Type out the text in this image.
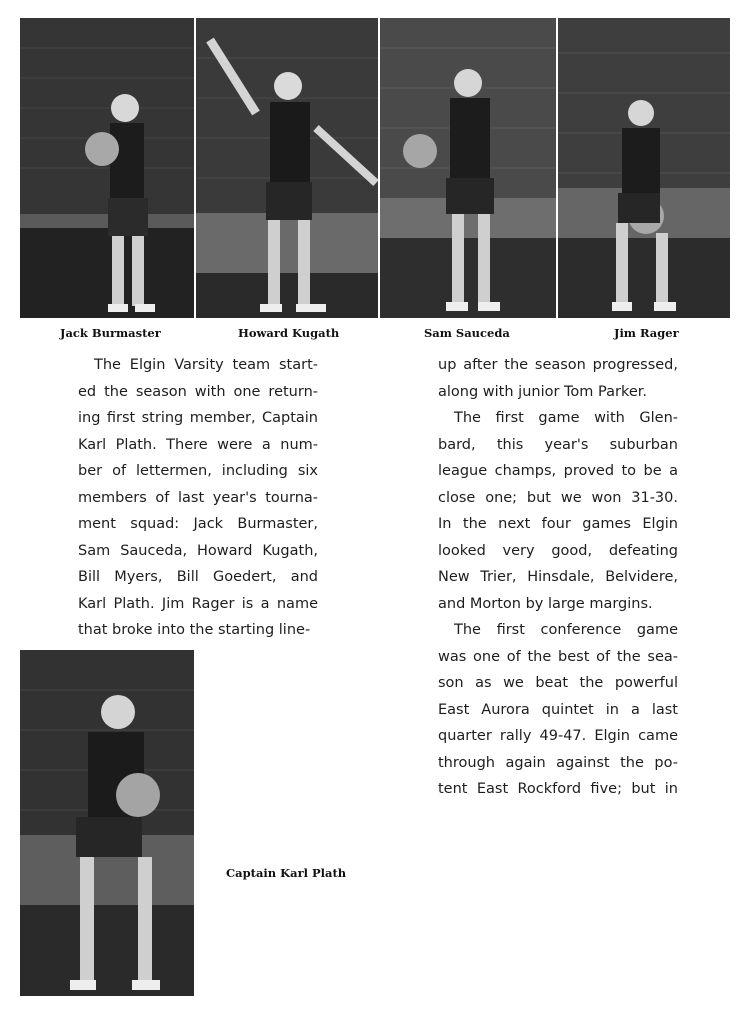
Jack Burmaster	Howard Kugath	Sam Sauceda	Jim Rager

The Elgin Varsity team start-

ed the season with one return-

ing first string member, Captain

Karl Plath. There were a num-

ber of lettermen, including six

members of last year's tourna-

ment squad: Jack Burmaster,

Sam Sauceda, Howard Kugath,

Bill Myers, Bill Goedert, and

Karl Plath. Jim Rager is a name

that broke into the starting line-

up after the season progressed,

along with junior Tom Parker.

The first game with Glen-

bard, this year's suburban

league champs, proved to be a

close one; but we won 31-30.

In the next four games Elgin

looked very good, defeating

New Trier, Hinsdale, Belvidere,

and Morton by large margins.

The first conference game

was one of the best of the sea-

son as we beat the powerful

East Aurora quintet in a last

quarter rally 49-47. Elgin came

through again against the po-

tent East Rockford five; but in

Captain Karl Plath
